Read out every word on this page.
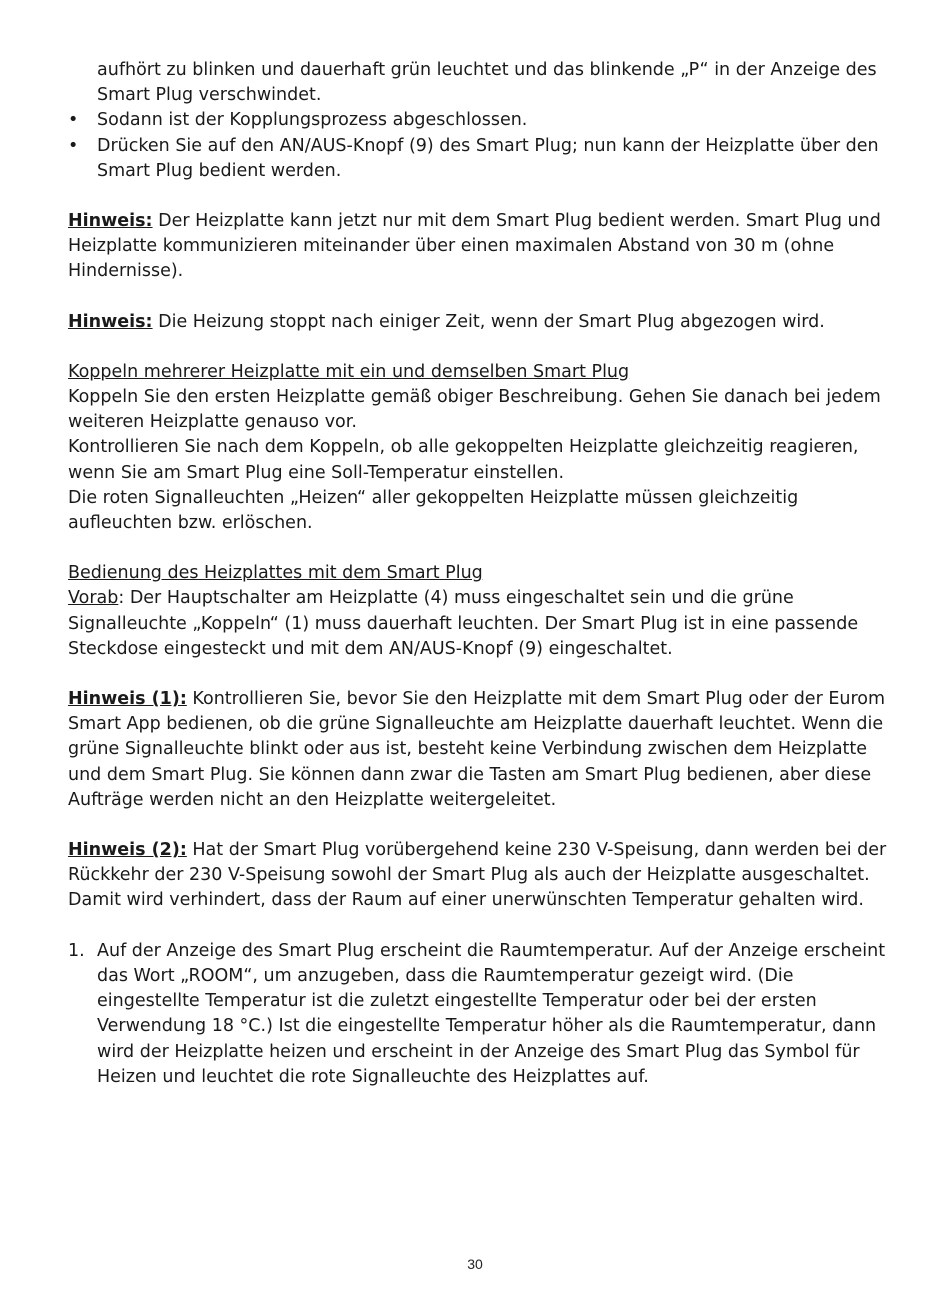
aufhört zu blinken und dauerhaft grün leuchtet und das blinkende „P“ in der Anzeige des Smart Plug verschwindet.

• Sodann ist der Kopplungsprozess abgeschlossen.

• Drücken Sie auf den AN/AUS-Knopf (9) des Smart Plug; nun kann der Heizplatte über den Smart Plug bedient werden.

Hinweis: Der Heizplatte kann jetzt nur mit dem Smart Plug bedient werden. Smart Plug und Heizplatte kommunizieren miteinander über einen maximalen Abstand von 30 m (ohne Hindernisse).

Hinweis: Die Heizung stoppt nach einiger Zeit, wenn der Smart Plug abgezogen wird.

Koppeln mehrerer Heizplatte mit ein und demselben Smart Plug

Koppeln Sie den ersten Heizplatte gemäß obiger Beschreibung. Gehen Sie danach bei jedem weiteren Heizplatte genauso vor.

Kontrollieren Sie nach dem Koppeln, ob alle gekoppelten Heizplatte gleichzeitig reagieren, wenn Sie am Smart Plug eine Soll-Temperatur einstellen.

Die roten Signalleuchten „Heizen“ aller gekoppelten Heizplatte müssen gleichzeitig aufleuchten bzw. erlöschen.

Bedienung des Heizplattes mit dem Smart Plug

Vorab: Der Hauptschalter am Heizplatte (4) muss eingeschaltet sein und die grüne Signalleuchte „Koppeln“ (1) muss dauerhaft leuchten. Der Smart Plug ist in eine passende Steckdose eingesteckt und mit dem AN/AUS-Knopf (9) eingeschaltet.

Hinweis (1): Kontrollieren Sie, bevor Sie den Heizplatte mit dem Smart Plug oder der Eurom Smart App bedienen, ob die grüne Signalleuchte am Heizplatte dauerhaft leuchtet. Wenn die grüne Signalleuchte blinkt oder aus ist, besteht keine Verbindung zwischen dem Heizplatte und dem Smart Plug. Sie können dann zwar die Tasten am Smart Plug bedienen, aber diese Aufträge werden nicht an den Heizplatte weitergeleitet.

Hinweis (2): Hat der Smart Plug vorübergehend keine 230 V-Speisung, dann werden bei der Rückkehr der 230 V-Speisung sowohl der Smart Plug als auch der Heizplatte ausgeschaltet. Damit wird verhindert, dass der Raum auf einer unerwünschten Temperatur gehalten wird.

1. Auf der Anzeige des Smart Plug erscheint die Raumtemperatur. Auf der Anzeige erscheint das Wort „ROOM“, um anzugeben, dass die Raumtemperatur gezeigt wird. (Die eingestellte Temperatur ist die zuletzt eingestellte Temperatur oder bei der ersten Verwendung 18 °C.) Ist die eingestellte Temperatur höher als die Raumtemperatur, dann wird der Heizplatte heizen und erscheint in der Anzeige des Smart Plug das Symbol für Heizen und leuchtet die rote Signalleuchte des Heizplattes auf.

30
